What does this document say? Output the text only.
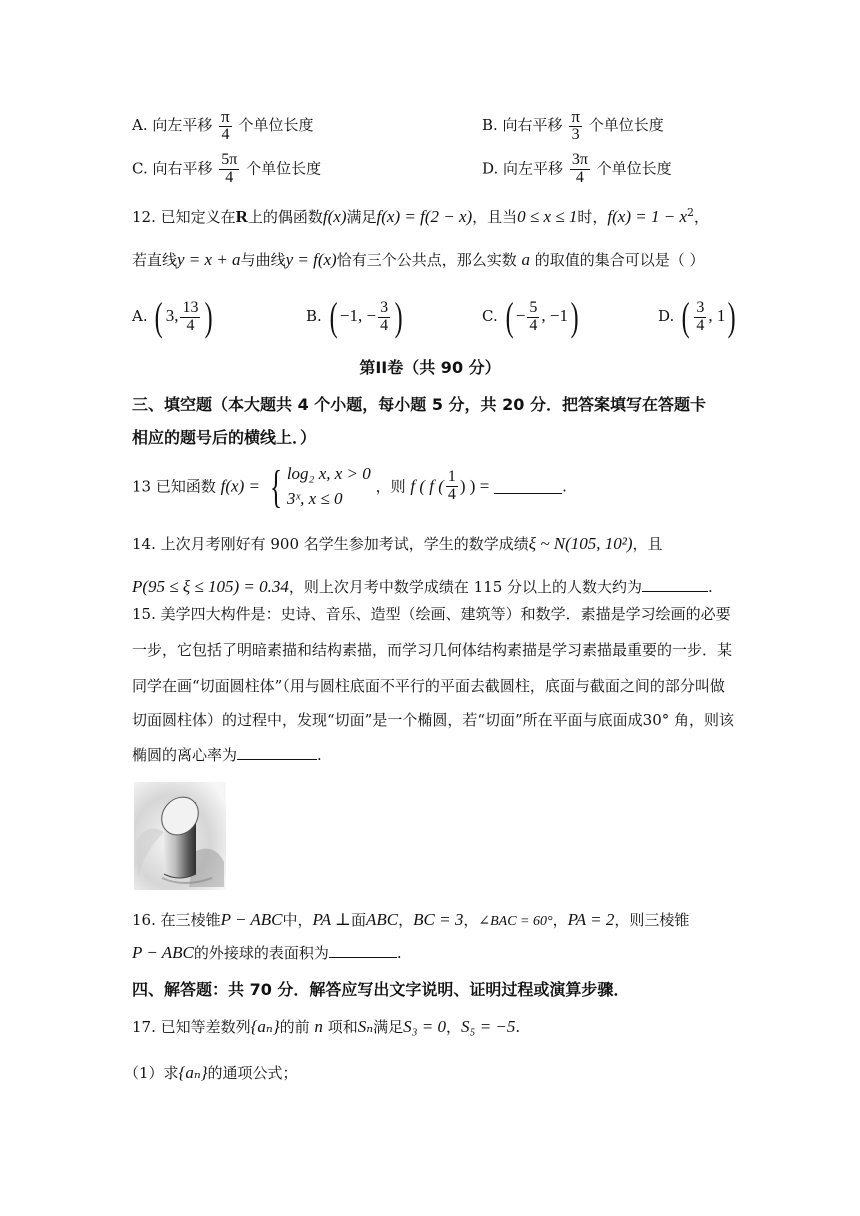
A. 向左平移 $\frac{\pi}{4}$ 个单位长度	B. 向右平移 $\frac{\pi}{3}$ 个单位长度
C. 向右平移 $\frac{5\pi}{4}$ 个单位长度	D. 向左平移 $\frac{3\pi}{4}$ 个单位长度
12. 已知定义在R上的偶函数f(x)满足f(x) = f(2 − x)，且当0 ≤ x ≤ 1时，$f(x) = 1 - x^2$，
若直线y = x + a与曲线y = f(x)恰有三个公共点，那么实数 a 的取值的集合可以是（ ）
A. ( 3, $\frac{13}{4}$ )	B. ( −1, − $\frac{3}{4}$ )	C. ( − $\frac{5}{4}$ , −1)	D. ( $\frac{3}{4}$ , 1)
第II卷（共 90 分）
三、填空题（本大题共 4 个小题，每小题 5 分，共 20 分．把答案填写在答题卡
相应的题号后的横线上．）
13 已知函数 f(x) = { log₂ x, x > 0
3ˣ, x ≤ 0
，则 f ( f ( $\frac{1}{4}$ ) ) =	.
14. 上次月考刚好有 900 名学生参加考试，学生的数学成绩ξ ~ N(105, 10²)，且
P(95 ≤ ξ ≤ 105) = 0.34，则上次月考中数学成绩在 115 分以上的人数大约为	.
15. 美学四大构件是：史诗、音乐、造型（绘画、建筑等）和数学．素描是学习绘画的必要
一步，它包括了明暗素描和结构素描，而学习几何体结构素描是学习素描最重要的一步．某
同学在画“切面圆柱体”（用与圆柱底面不平行的平面去截圆柱，底面与截面之间的部分叫做
切面圆柱体）的过程中，发现“切面”是一个椭圆，若“切面”所在平面与底面成30° 角，则该
椭圆的离心率为	.
16. 在三棱锥P − ABC中，PA ⊥面ABC，BC = 3，∠BAC = 60°，PA = 2，则三棱锥
P − ABC的外接球的表面积为	.
四、解答题：共 70 分．解答应写出文字说明、证明过程或演算步骤．
17. 已知等差数列{aₙ}的前 n 项和Sₙ满足S₃ = 0，S₅ = −5.
（1）求{aₙ}的通项公式；
